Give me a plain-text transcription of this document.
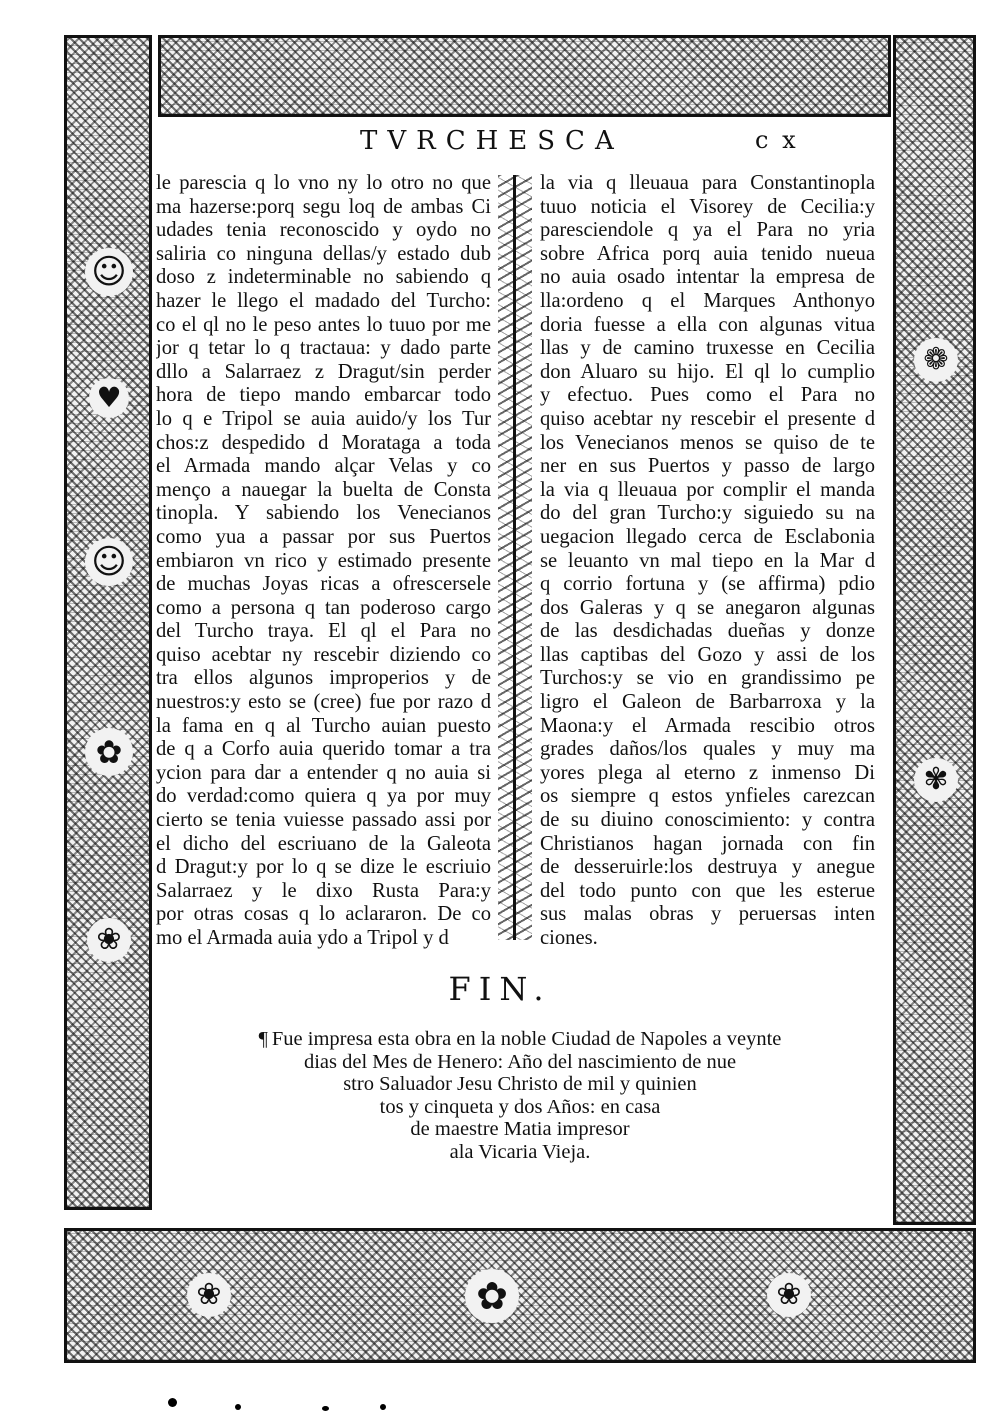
☺
♥
☺
✿
❀
❁
✾
✿
❀	❀
TVRCHESCA	c x
le parescia q lo vno ny lo otro no que
ma hazerse:porq segu loq de ambas Ci
udades tenia reconoscido y oydo no
saliria co ninguna dellas/y estado dub
doso z indeterminable no sabiendo q
hazer le llego el madado del Turcho:
co el ql no le peso antes lo tuuo por me
jor q tetar lo q tractaua: y dado parte
dllo a Salarraez z Dragut/sin perder
hora de tiepo mando embarcar todo
lo q e Tripol se auia auido/y los Tur
chos:z despedido d Morataga a toda
el Armada mando alçar Velas y co
menço a nauegar la buelta de Consta
tinopla. Y sabiendo los Venecianos
como yua a passar por sus Puertos
embiaron vn rico y estimado presente
de muchas Joyas ricas a ofrescersele
como a persona q tan poderoso cargo
del Turcho traya. El ql el Para no
quiso acebtar ny rescebir diziendo co
tra ellos algunos improperios y de
nuestros:y esto se (cree) fue por razo d
la fama en q al Turcho auian puesto
de q a Corfo auia querido tomar a tra
ycion para dar a entender q no auia si
do verdad:como quiera q ya por muy
cierto se tenia vuiesse passado assi por
el dicho del escriuano de la Galeota
d Dragut:y por lo q se dize le escriuio
Salarraez y le dixo Rusta Para:y
por otras cosas q lo aclararon. De co
mo el Armada auia ydo a Tripol y d
la via q lleuaua para Constantinopla
tuuo noticia el Visorey de Cecilia:y
paresciendole q ya el Para no yria
sobre Africa porq auia tenido nueua
no auia osado intentar la empresa de
lla:ordeno q el Marques Anthonyo
doria fuesse a ella con algunas vitua
llas y de camino truxesse en Cecilia
don Aluaro su hijo. El ql lo cumplio
y efectuo. Pues como el Para no
quiso acebtar ny rescebir el presente d
los Venecianos menos se quiso de te
ner en sus Puertos y passo de largo
la via q lleuaua por complir el manda
do del gran Turcho:y siguiedo su na
uegacion llegado cerca de Esclabonia
se leuanto vn mal tiepo en la Mar d
q corrio fortuna y (se affirma) pdio
dos Galeras y q se anegaron algunas
de las desdichadas dueñas y donze
llas captibas del Gozo y assi de los
Turchos:y se vio en grandissimo pe
ligro el Galeon de Barbarroxa y la
Maona:y el Armada rescibio otros
grades daños/los quales y muy ma
yores plega al eterno z inmenso Di
os siempre q estos ynfieles carezcan
de su diuino conoscimiento: y contra
Christianos hagan jornada con fin
de desseruirle:los destruya y anegue
del todo punto con que les esterue
sus malas obras y peruersas inten
ciones.
FIN.
¶ Fue impresa esta obra en la noble Ciudad de Napoles a veynte
dias del Mes de Henero: Año del nascimiento de nue
stro Saluador Jesu Christo de mil y quinien
tos y cinqueta y dos Años: en casa
de maestre Matia impresor
ala Vicaria Vieja.
